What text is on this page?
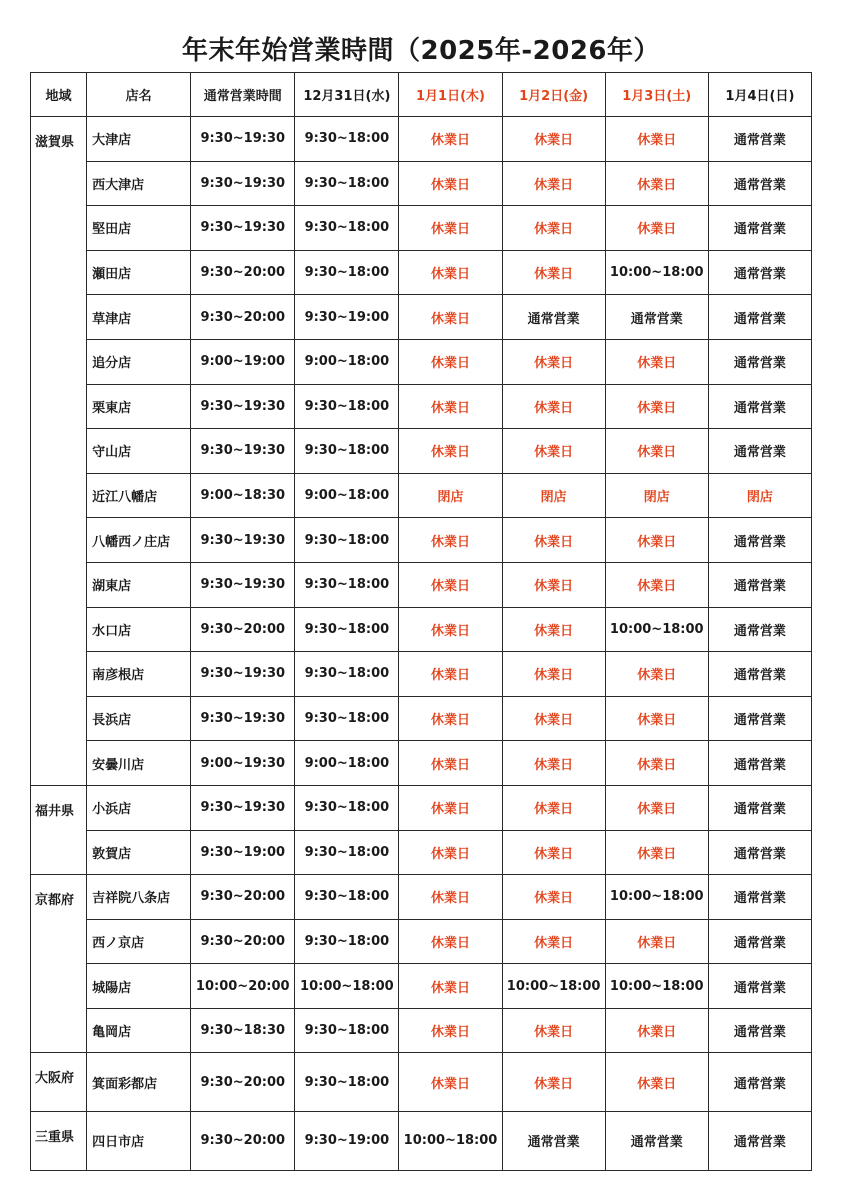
年末年始営業時間（2025年-2026年）
地域	店名	通常営業時間	12月31日(水)	1月1日(木)	1月2日(金)	1月3日(土)	1月4日(日)
滋賀県	大津店	9:30~19:30	9:30~18:00	休業日	休業日	休業日	通常営業
	西大津店	9:30~19:30	9:30~18:00	休業日	休業日	休業日	通常営業
	堅田店	9:30~19:30	9:30~18:00	休業日	休業日	休業日	通常営業
	瀬田店	9:30~20:00	9:30~18:00	休業日	休業日	10:00~18:00	通常営業
	草津店	9:30~20:00	9:30~19:00	休業日	通常営業	通常営業	通常営業
	追分店	9:00~19:00	9:00~18:00	休業日	休業日	休業日	通常営業
	栗東店	9:30~19:30	9:30~18:00	休業日	休業日	休業日	通常営業
	守山店	9:30~19:30	9:30~18:00	休業日	休業日	休業日	通常営業
	近江八幡店	9:00~18:30	9:00~18:00	閉店	閉店	閉店	閉店
	八幡西ノ庄店	9:30~19:30	9:30~18:00	休業日	休業日	休業日	通常営業
	湖東店	9:30~19:30	9:30~18:00	休業日	休業日	休業日	通常営業
	水口店	9:30~20:00	9:30~18:00	休業日	休業日	10:00~18:00	通常営業
	南彦根店	9:30~19:30	9:30~18:00	休業日	休業日	休業日	通常営業
	長浜店	9:30~19:30	9:30~18:00	休業日	休業日	休業日	通常営業
	安曇川店	9:00~19:30	9:00~18:00	休業日	休業日	休業日	通常営業
福井県	小浜店	9:30~19:30	9:30~18:00	休業日	休業日	休業日	通常営業
	敦賀店	9:30~19:00	9:30~18:00	休業日	休業日	休業日	通常営業
京都府	吉祥院八条店	9:30~20:00	9:30~18:00	休業日	休業日	10:00~18:00	通常営業
	西ノ京店	9:30~20:00	9:30~18:00	休業日	休業日	休業日	通常営業
	城陽店	10:00~20:00	10:00~18:00	休業日	10:00~18:00	10:00~18:00	通常営業
	亀岡店	9:30~18:30	9:30~18:00	休業日	休業日	休業日	通常営業
大阪府	箕面彩都店	9:30~20:00	9:30~18:00	休業日	休業日	休業日	通常営業
三重県	四日市店	9:30~20:00	9:30~19:00	10:00~18:00	通常営業	通常営業	通常営業
